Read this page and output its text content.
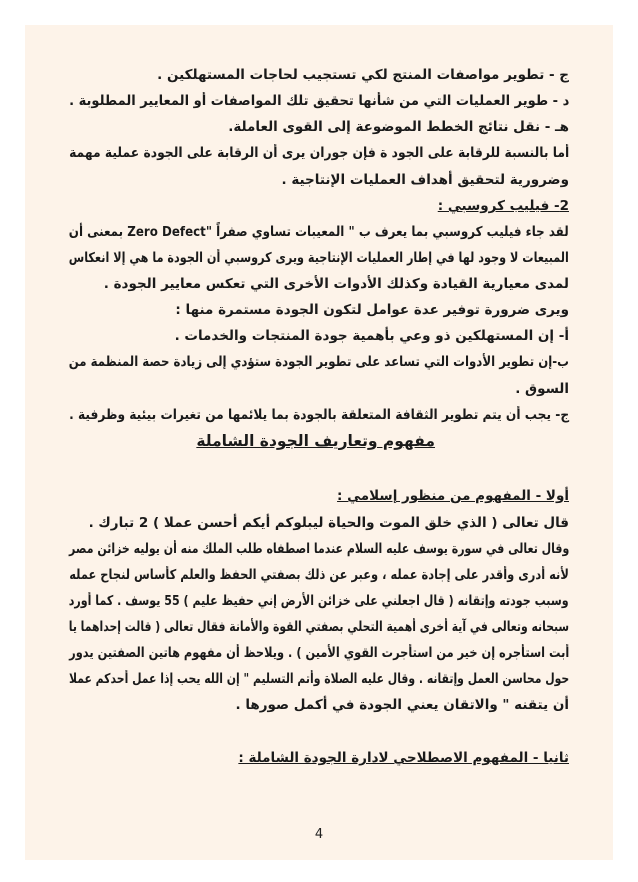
ج - تطوير مواصفات المنتج لكي تستجيب لحاجات المستهلكين .
د - طوير العمليات التي من شأنها تحقيق تلك المواصفات أو المعايير المطلوبة .
هـ - نقل نتائج الخطط الموضوعة إلى القوى العاملة.
أما بالنسبة للرقابة على الجود ة فإن جوران يرى أن الرقابة على الجودة عملية مهمة
وضرورية لتحقيق أهداف العمليات الإنتاجية .
2- فيليب كروسبي :
لقد جاء فيليب كروسبي بما يعرف ب " المعيبات تساوي صفراً "Zero Defect بمعنى أن
المبيعات لا وجود لها في إطار العمليات الإنتاجية ويرى كروسبي أن الجودة ما هي إلا انعكاس
لمدى معيارية القيادة وكذلك الأدوات الأخرى التي تعكس معايير الجودة .
ويرى ضرورة توفير عدة عوامل لتكون الجودة مستمرة منها :
أ- إن المستهلكين ذو وعي بأهمية جودة المنتجات والخدمات .
ب-إن تطوير الأدوات التي تساعد على تطوير الجودة ستؤدي إلى زيادة حصة المنظمة من
السوق .
ج- يجب أن يتم تطوير الثقافة المتعلقة بالجودة بما يلائمها من تغيرات بيئية وظرفية .
مفهوم وتعاريف الجودة الشاملة
أولا - المفهوم من منظور إسلامي :
قال تعالى ( الذي خلق الموت والحياة ليبلوكم أيكم أحسن عملا ) 2 تبارك .
وقال تعالى في سورة يوسف عليه السلام عندما اصطفاه طلب الملك منه أن يوليه خزائن مصر
لأنه أدرى وأقدر على إجادة عمله ، وعبر عن ذلك بصفتي الحفظ والعلم كأساس لنجاح عمله
وسبب جودته وإتقانه ( قال اجعلني على خزائن الأرض إني حفيظ عليم ) 55 يوسف . كما أورد
سبحانه وتعالى في آية أخرى أهمية التحلي بصفتي القوة والأمانة فقال تعالى ( قالت إحداهما يا
أبت استأجره إن خير من استأجرت القوي الأمين ) . ويلاحظ أن مفهوم هاتين الصفتين يدور
حول محاسن العمل وإتقانه . وقال عليه الصلاة وأتم التسليم " إن الله يحب إذا عمل أحدكم عملا
أن يتقنه " والاتقان يعني الجودة في أكمل صورها .
ثانيا - المفهوم الاصطلاحي لادارة الجودة الشاملة :
4
